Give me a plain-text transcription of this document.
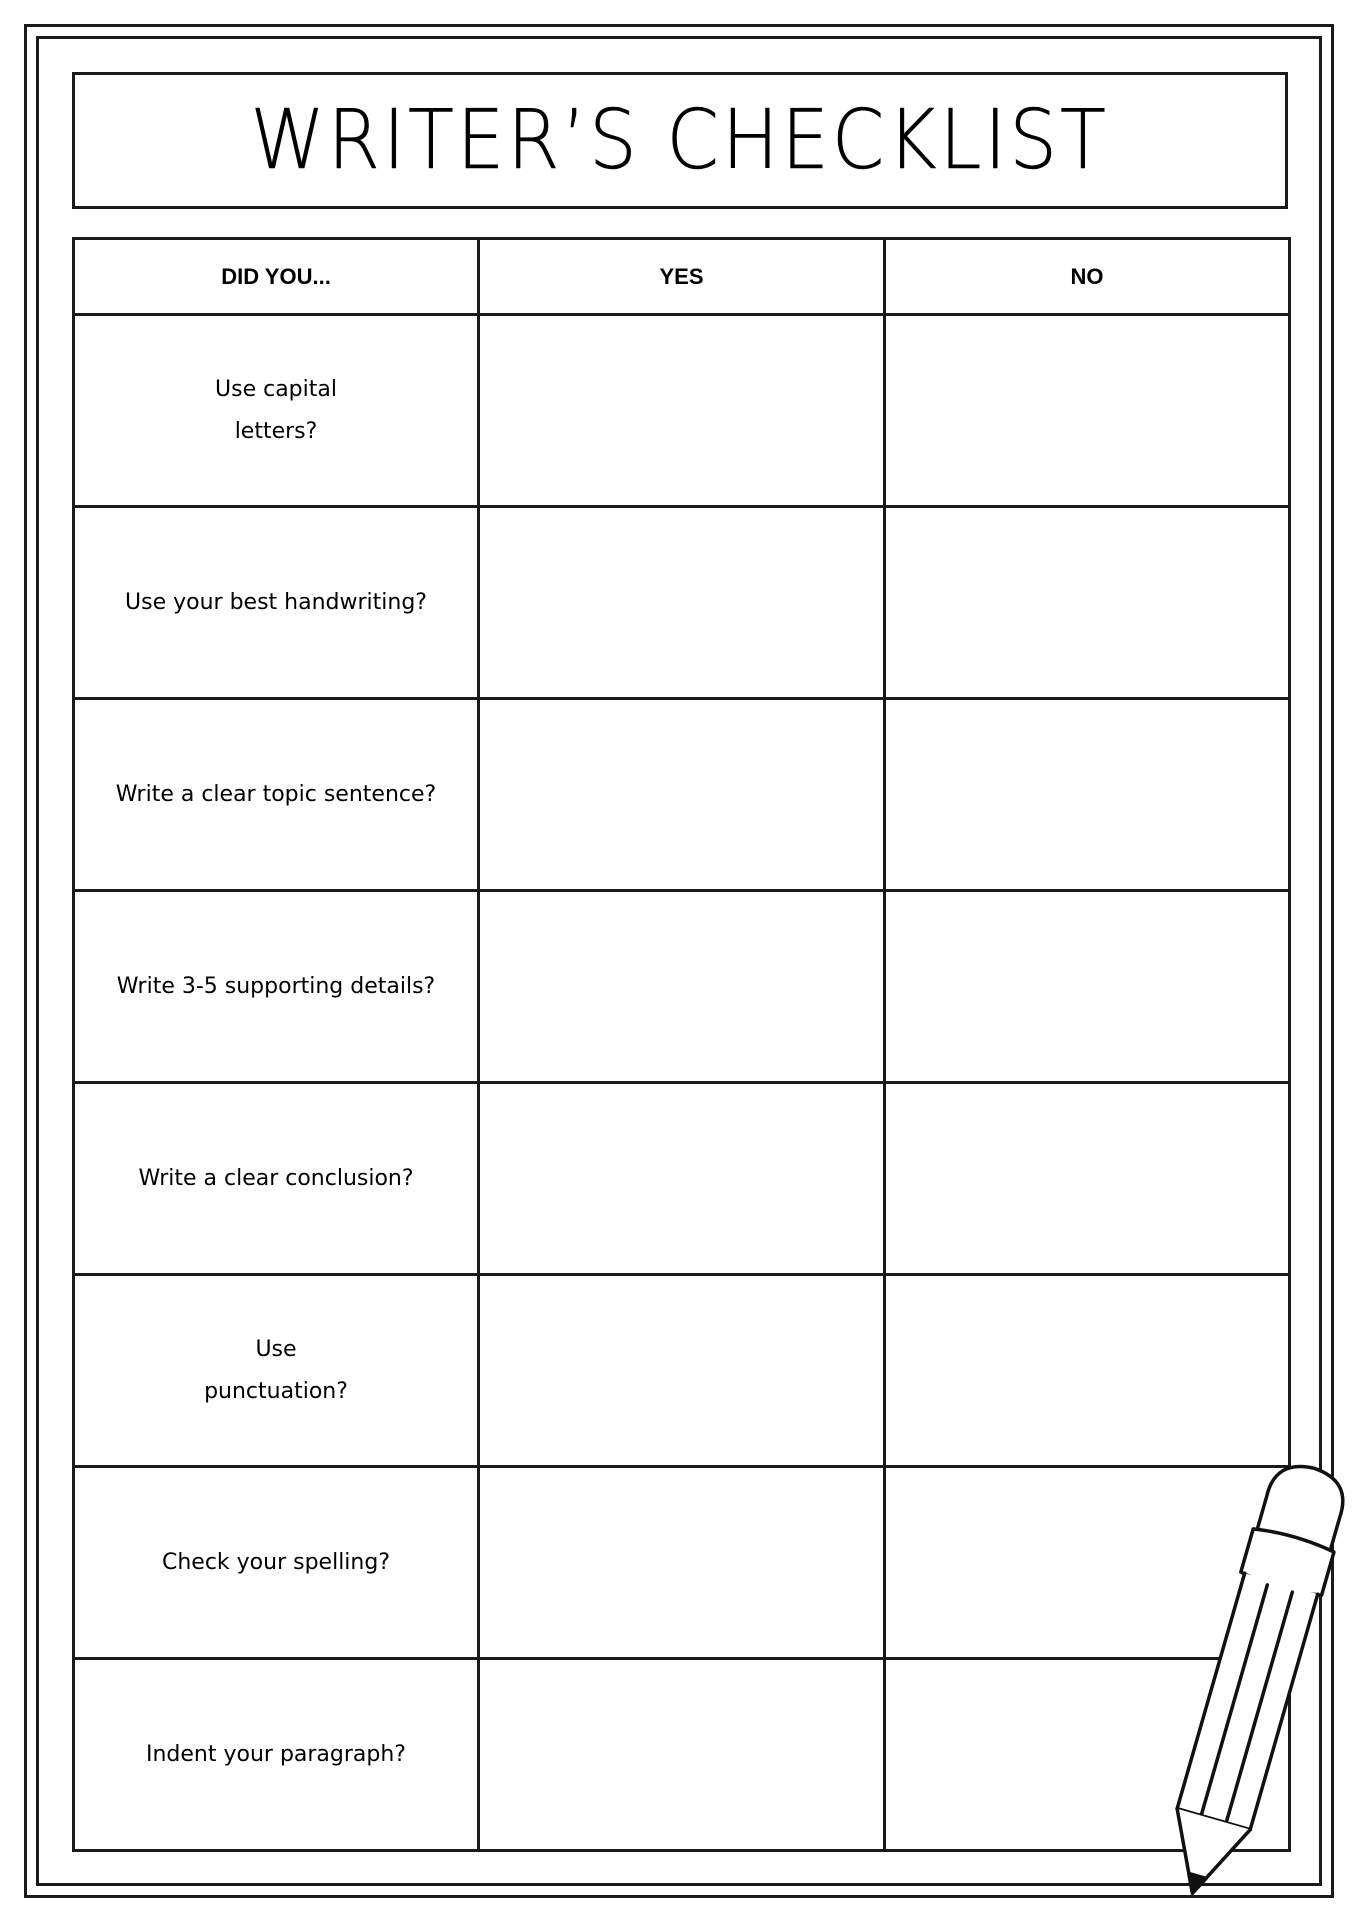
WRITER’S CHECKLIST
DID YOU...	YES	NO
Use capital letters?		
Use your best handwriting?		
Write a clear topic sentence?		
Write 3-5 supporting details?		
Write a clear conclusion?		
Use punctuation?		
Check your spelling?		
Indent your paragraph?		
